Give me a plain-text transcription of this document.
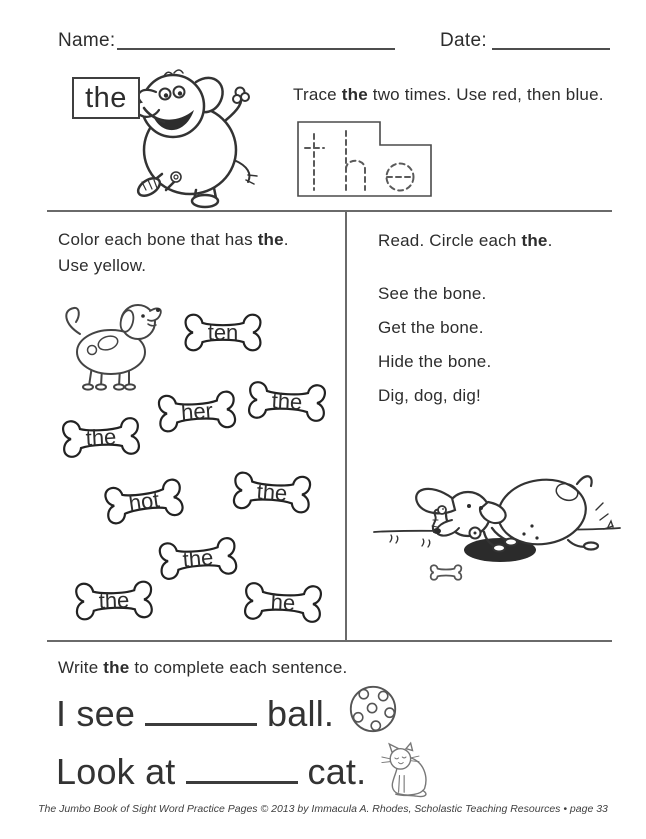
Name:	Date:
the	Trace the two times. Use red, then blue.
Color each bone that has the.
Use yellow.
ten
her the
the
hot	the
the
the	he
Read. Circle each the.
See the bone.
Get the bone.
Hide the bone.
Dig, dog, dig!
Write the to complete each sentence.
I see	ball.
Look at	cat.
The Jumbo Book of Sight Word Practice Pages © 2013 by Immacula A. Rhodes, Scholastic Teaching Resources • page 33
